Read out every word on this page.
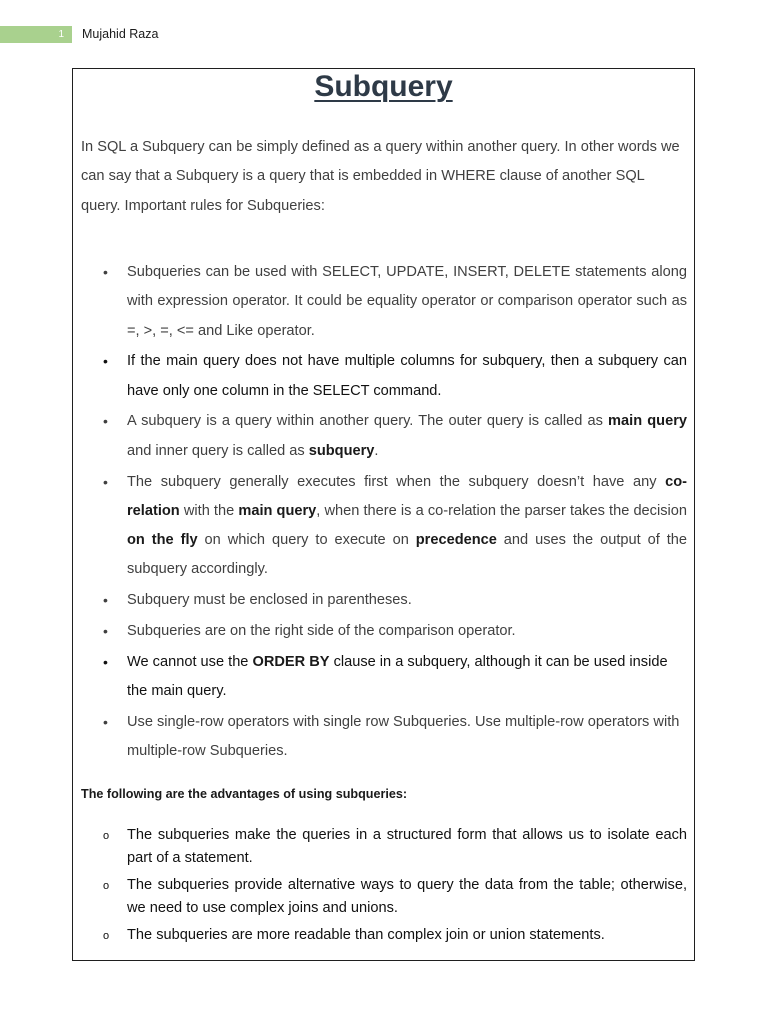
1	Mujahid Raza
Subquery

In SQL a Subquery can be simply defined as a query within another query. In other words we can say that a Subquery is a query that is embedded in WHERE clause of another SQL query. Important rules for Subqueries:

• Subqueries can be used with SELECT, UPDATE, INSERT, DELETE statements along with expression operator. It could be equality operator or comparison operator such as =, >, =, <= and Like operator.
• If the main query does not have multiple columns for subquery, then a subquery can have only one column in the SELECT command.
• A subquery is a query within another query. The outer query is called as main query and inner query is called as subquery.
• The subquery generally executes first when the subquery doesn’t have any co-relation with the main query, when there is a co-relation the parser takes the decision on the fly on which query to execute on precedence and uses the output of the subquery accordingly.
• Subquery must be enclosed in parentheses.
• Subqueries are on the right side of the comparison operator.
• We cannot use the ORDER BY clause in a subquery, although it can be used inside the main query.
• Use single-row operators with single row Subqueries. Use multiple-row operators with multiple-row Subqueries.

The following are the advantages of using subqueries:

o The subqueries make the queries in a structured form that allows us to isolate each part of a statement.
o The subqueries provide alternative ways to query the data from the table; otherwise, we need to use complex joins and unions.
o The subqueries are more readable than complex join or union statements.
